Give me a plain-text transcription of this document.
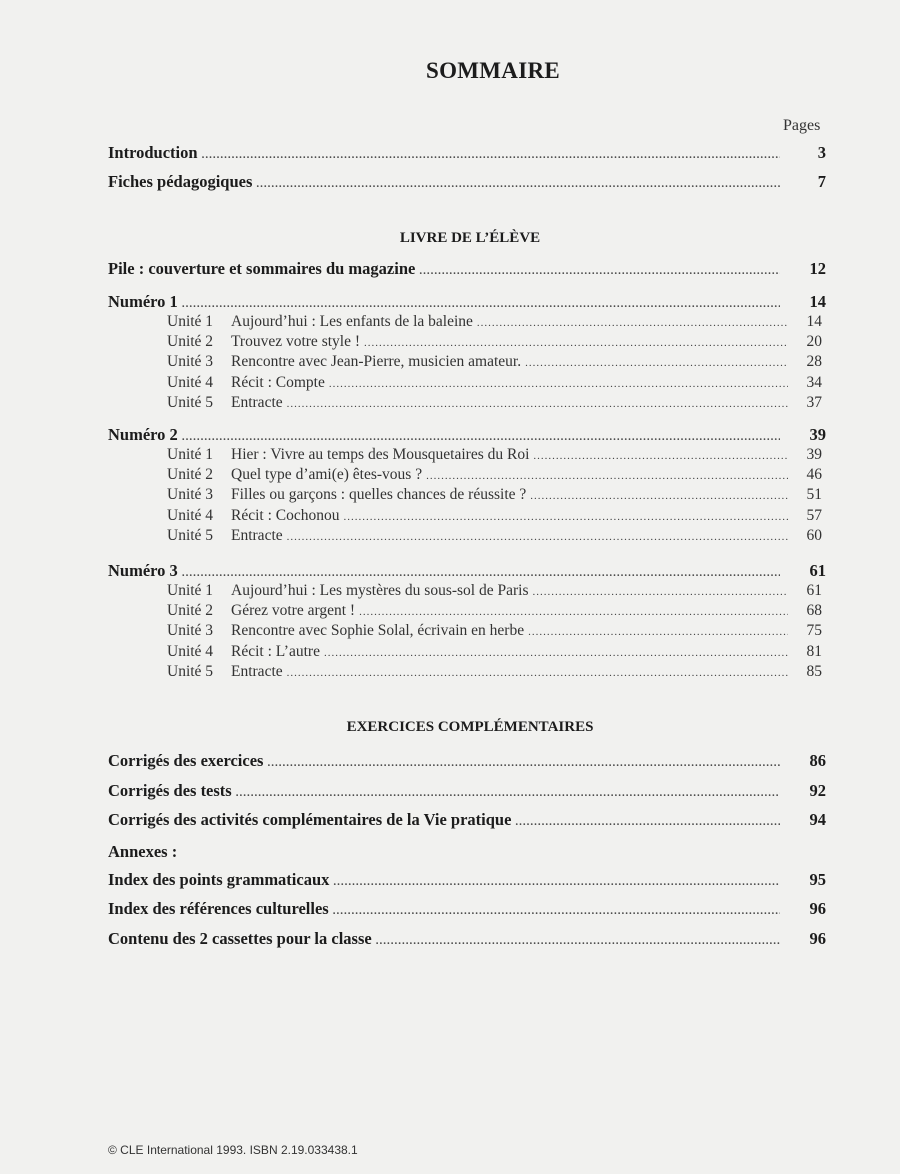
SOMMAIRE
Pages
LIVRE DE L’ÉLÈVE
EXERCICES COMPLÉMENTAIRES
© CLE International 1993. ISBN 2.19.033438.1
Introduction .....	3
Fiches pédagogiques .....	7
Pile : couverture et sommaires du magazine .....	12
Numéro 1 .....	14
Unité 1	Aujourd’hui : Les enfants de la baleine .....	14
Unité 2	Trouvez votre style ! .....	20
Unité 3	Rencontre avec Jean-Pierre, musicien amateur. .....	28
Unité 4	Récit : Compte .....	34
Unité 5	Entracte .....	37
Numéro 2 .....	39
Unité 1	Hier : Vivre au temps des Mousquetaires du Roi .....	39
Unité 2	Quel type d’ami(e) êtes-vous ? .....	46
Unité 3	Filles ou garçons : quelles chances de réussite ? .....	51
Unité 4	Récit : Cochonou .....	57
Unité 5	Entracte .....	60
Numéro 3 .....	61
Unité 1	Aujourd’hui : Les mystères du sous-sol de Paris .....	61
Unité 2	Gérez votre argent ! .....	68
Unité 3	Rencontre avec Sophie Solal, écrivain en herbe .....	75
Unité 4	Récit : L’autre .....	81
Unité 5	Entracte .....	85
Corrigés des exercices .....	86
Corrigés des tests .....	92
Corrigés des activités complémentaires de la Vie pratique .....	94
Annexes :
Index des points grammaticaux .....	95
Index des références culturelles .....	96
Contenu des 2 cassettes pour la classe .....	96
